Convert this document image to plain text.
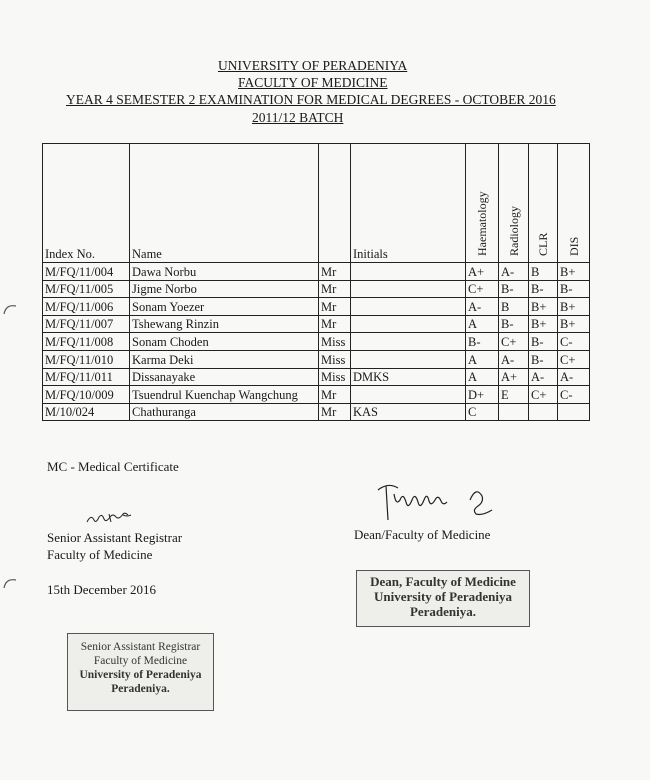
UNIVERSITY OF PERADENIYA
FACULTY OF MEDICINE
YEAR 4 SEMESTER 2 EXAMINATION FOR MEDICAL DEGREES - OCTOBER 2016
2011/12 BATCH
Index No.	Name		Initials	Haematology	Radiology	CLR	DIS

M/FQ/11/004	Dawa Norbu	Mr		A+	A-	B	B+
M/FQ/11/005	Jigme Norbo	Mr		C+	B-	B-	B-
M/FQ/11/006	Sonam Yoezer	Mr		A-	B	B+	B+
M/FQ/11/007	Tshewang Rinzin	Mr		A	B-	B+	B+
M/FQ/11/008	Sonam Choden	Miss		B-	C+	B-	C-
M/FQ/11/010	Karma Deki	Miss		A	A-	B-	C+
M/FQ/11/011	Dissanayake	Miss	DMKS	A	A+	A-	A-
M/FQ/10/009	Tsuendrul Kuenchap Wangchung	Mr		D+	E	C+	C-
M/10/024	Chathuranga	Mr	KAS	C			
MC - Medical Certificate
Senior Assistant Registrar
Faculty of Medicine
15th December 2016
Dean/Faculty of Medicine
Dean, Faculty of Medicine
University of Peradeniya
Peradeniya.
Senior Assistant Registrar
Faculty of Medicine
University of Peradeniya
Peradeniya.
